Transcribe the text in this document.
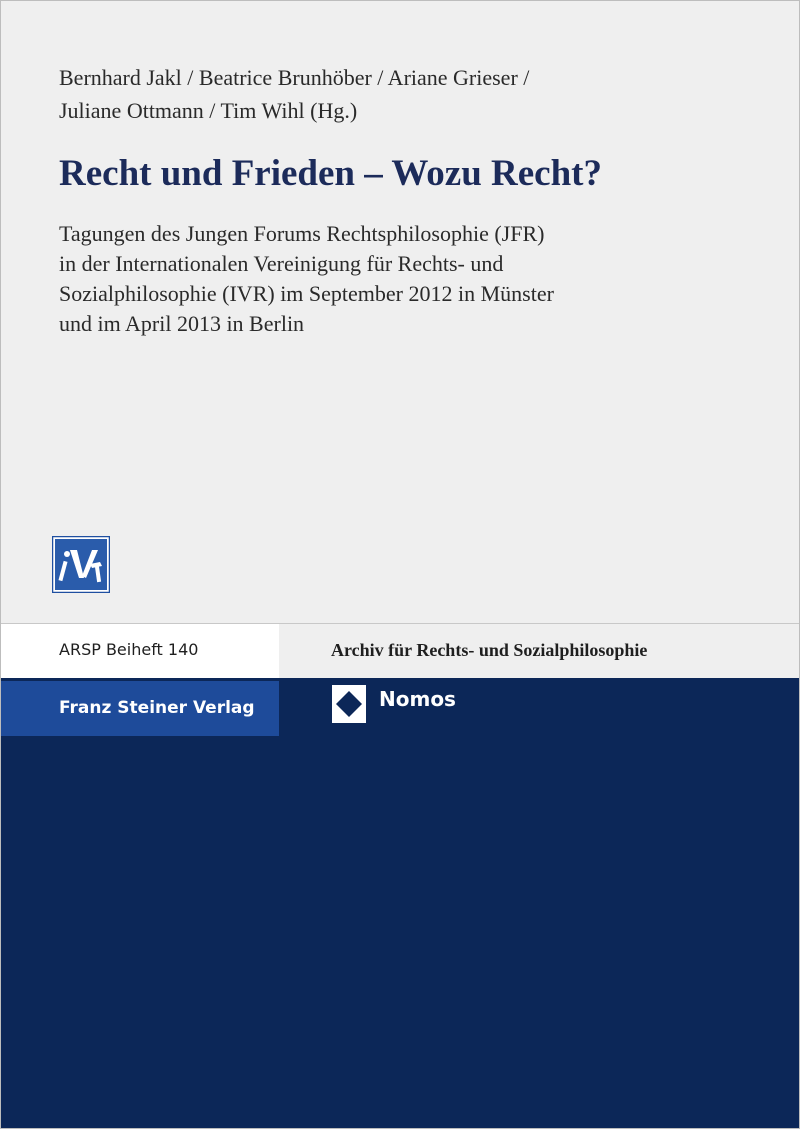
Bernhard Jakl / Beatrice Brunhöber / Ariane Grieser /
Juliane Ottmann / Tim Wihl (Hg.)
Recht und Frieden – Wozu Recht?
Tagungen des Jungen Forums Rechtsphilosophie (JFR)
in der Internationalen Vereinigung für Rechts- und
Sozialphilosophie (IVR) im September 2012 in Münster
und im April 2013 in Berlin
ARSP Beiheft 140	Archiv für Rechts- und Sozialphilosophie
Franz Steiner Verlag	Nomos
